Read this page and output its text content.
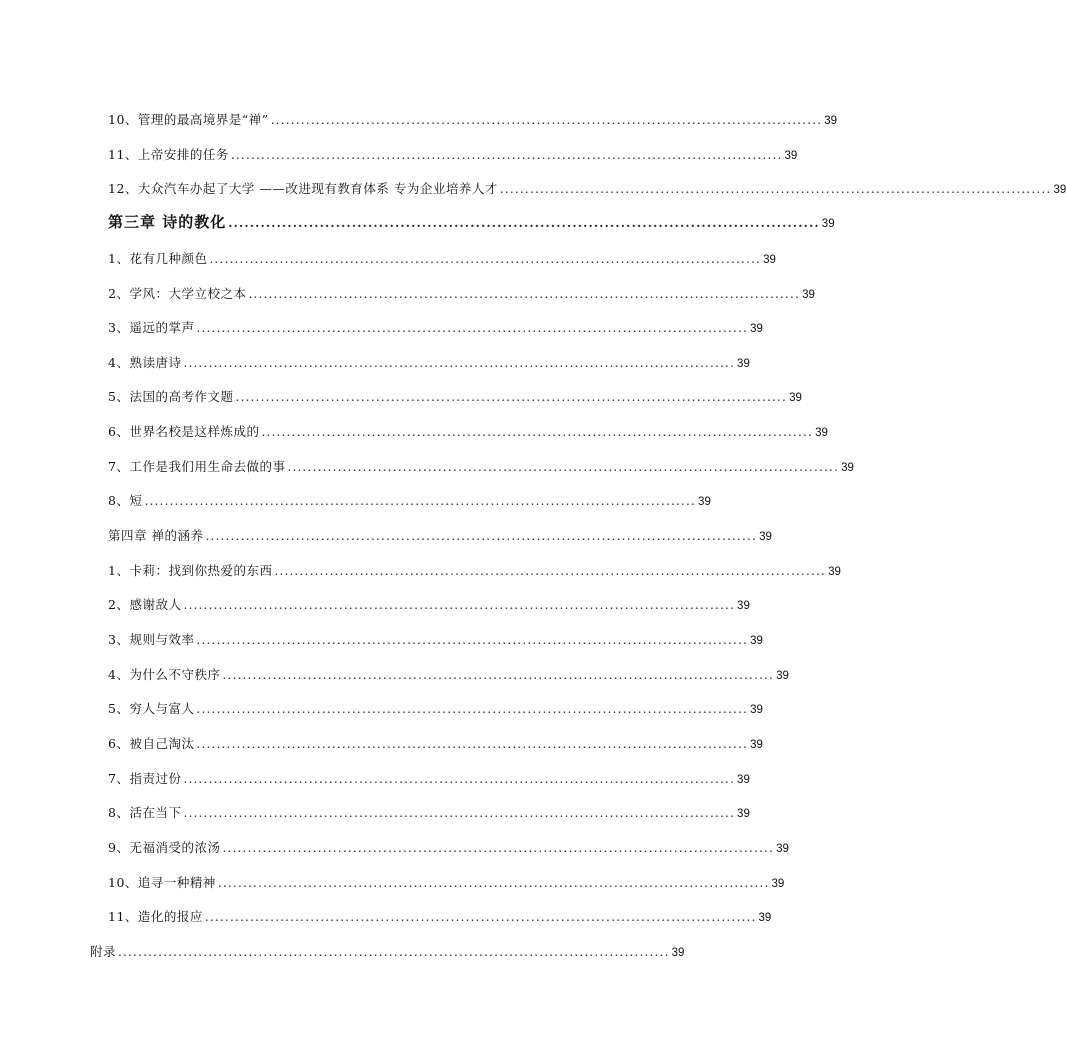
10、管理的最高境界是“禅” .............................................................................................................. 39
11、上帝安排的任务 .............................................................................................................. 39
12、大众汽车办起了大学 ——改进现有教育体系 专为企业培养人才 .............................................................................................................. 39
第三章 诗的教化 .............................................................................................................. 39
1、花有几种颜色 .............................................................................................................. 39
2、学风：大学立校之本 .............................................................................................................. 39
3、遥远的掌声 .............................................................................................................. 39
4、熟读唐诗 .............................................................................................................. 39
5、法国的高考作文题 .............................................................................................................. 39
6、世界名校是这样炼成的 .............................................................................................................. 39
7、工作是我们用生命去做的事 .............................................................................................................. 39
8、短 .............................................................................................................. 39
第四章 禅的涵养 .............................................................................................................. 39
1、卡莉：找到你热爱的东西 .............................................................................................................. 39
2、感谢敌人 .............................................................................................................. 39
3、规则与效率 .............................................................................................................. 39
4、为什么不守秩序 .............................................................................................................. 39
5、穷人与富人 .............................................................................................................. 39
6、被自己淘汰 .............................................................................................................. 39
7、指责过份 .............................................................................................................. 39
8、活在当下 .............................................................................................................. 39
9、无福消受的浓汤 .............................................................................................................. 39
10、追寻一种精神 .............................................................................................................. 39
11、造化的报应 .............................................................................................................. 39
附录 .............................................................................................................. 39
